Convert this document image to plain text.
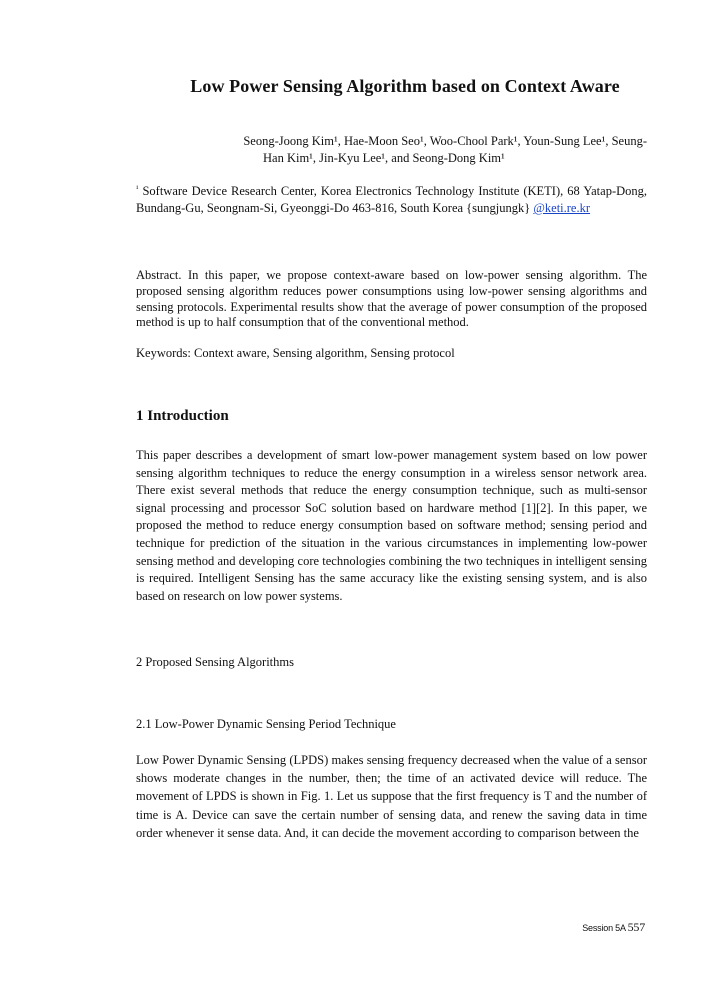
Low Power Sensing Algorithm based on Context Aware
Seong-Joong Kim¹, Hae-Moon Seo¹, Woo-Chool Park¹, Youn-Sung Lee¹, Seung-
Han Kim¹, Jin-Kyu Lee¹, and Seong-Dong Kim¹
$^{^1}$ Software Device Research Center, Korea Electronics Technology Institute (KETI), 68 Yatap-Dong, Bundang-Gu, Seongnam-Si, Gyeonggi-Do 463-816, South Korea {sungjungk} @keti.re.kr
Abstract. In this paper, we propose context-aware based on low-power sensing algorithm. The proposed sensing algorithm reduces power consumptions using low-power sensing algorithms and sensing protocols. Experimental results show that the average of power consumption of the proposed method is up to half consumption that of the conventional method.
Keywords: Context aware, Sensing algorithm, Sensing protocol
1 Introduction
This paper describes a development of smart low-power management system based on low power sensing algorithm techniques to reduce the energy consumption in a wireless sensor network area. There exist several methods that reduce the energy consumption technique, such as multi-sensor signal processing and processor SoC solution based on hardware method [1][2]. In this paper, we proposed the method to reduce energy consumption based on software method; sensing period and technique for prediction of the situation in the various circumstances in implementing low-power sensing method and developing core technologies combining the two techniques in intelligent sensing is required. Intelligent Sensing has the same accuracy like the existing sensing system, and is also based on research on low power systems.
2 Proposed Sensing Algorithms
2.1 Low-Power Dynamic Sensing Period Technique
Low Power Dynamic Sensing (LPDS) makes sensing frequency decreased when the value of a sensor shows moderate changes in the number, then; the time of an activated device will reduce. The movement of LPDS is shown in Fig. 1. Let us suppose that the first frequency is T and the number of time is A. Device can save the certain number of sensing data, and renew the saving data in time order whenever it sense data. And, it can decide the movement according to comparison between the
Session 5A 557
